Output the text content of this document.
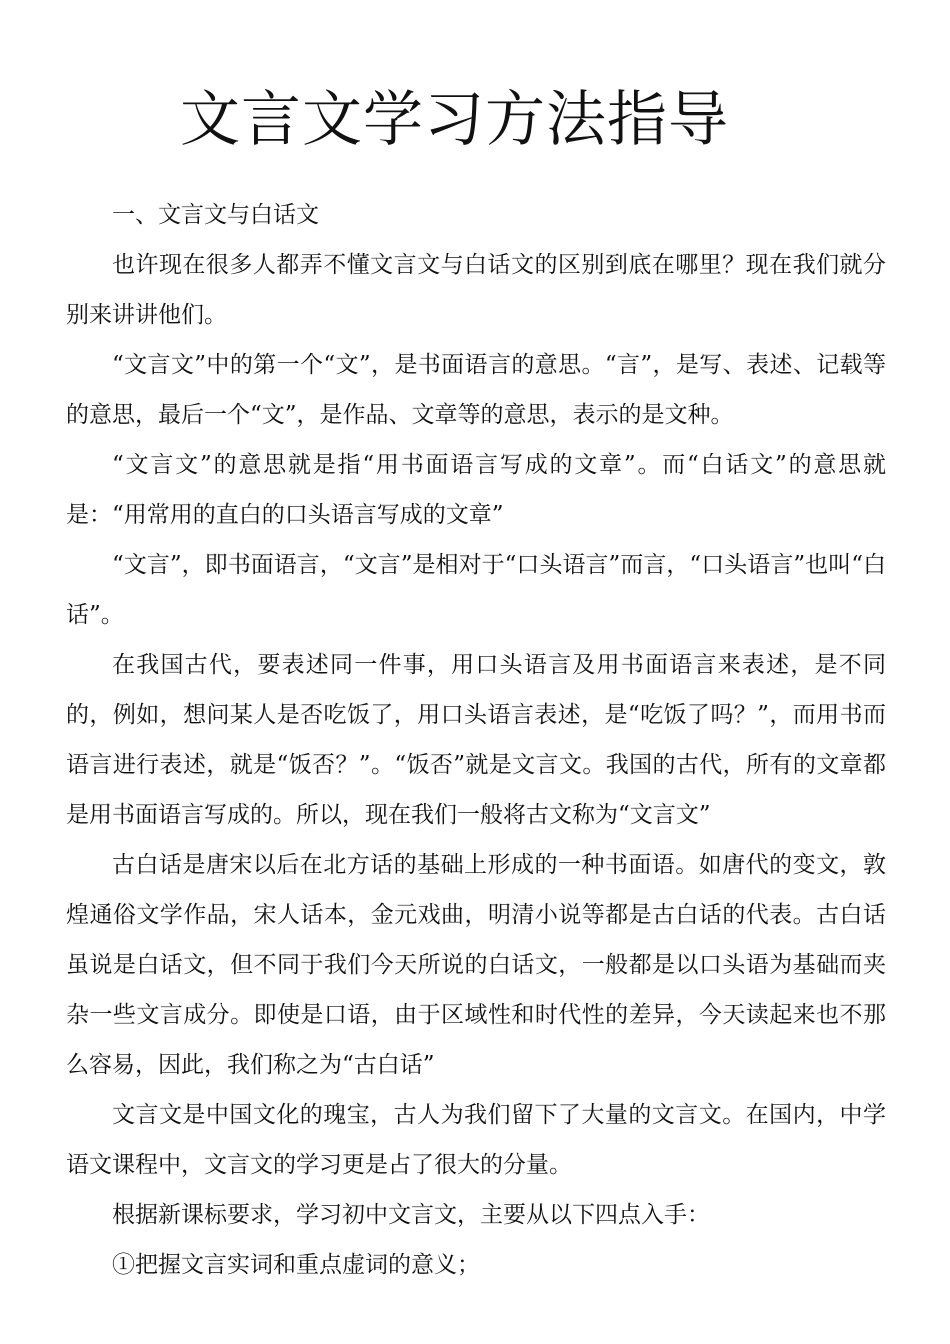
文言文学习方法指导

一、文言文与白话文

也许现在很多人都弄不懂文言文与白话文的区别到底在哪里？现在我们就分别来讲讲他们。

“文言文”中的第一个“文”，是书面语言的意思。“言”，是写、表述、记载等的意思，最后一个“文”，是作品、文章等的意思，表示的是文种。

“文言文”的意思就是指“用书面语言写成的文章”。而“白话文”的意思就是：“用常用的直白的口头语言写成的文章”

“文言”，即书面语言，“文言”是相对于“口头语言”而言，“口头语言”也叫“白话”。

在我国古代，要表述同一件事，用口头语言及用书面语言来表述，是不同的，例如，想问某人是否吃饭了，用口头语言表述，是“吃饭了吗？”，而用书而语言进行表述，就是“饭否？”。“饭否”就是文言文。我国的古代，所有的文章都是用书面语言写成的。所以，现在我们一般将古文称为“文言文”

古白话是唐宋以后在北方话的基础上形成的一种书面语。如唐代的变文，敦煌通俗文学作品，宋人话本，金元戏曲，明清小说等都是古白话的代表。古白话虽说是白话文，但不同于我们今天所说的白话文，一般都是以口头语为基础而夹杂一些文言成分。即使是口语，由于区域性和时代性的差异，今天读起来也不那么容易，因此，我们称之为“古白话”

文言文是中国文化的瑰宝，古人为我们留下了大量的文言文。在国内，中学语文课程中，文言文的学习更是占了很大的分量。

根据新课标要求，学习初中文言文，主要从以下四点入手：

①把握文言实词和重点虚词的意义；
